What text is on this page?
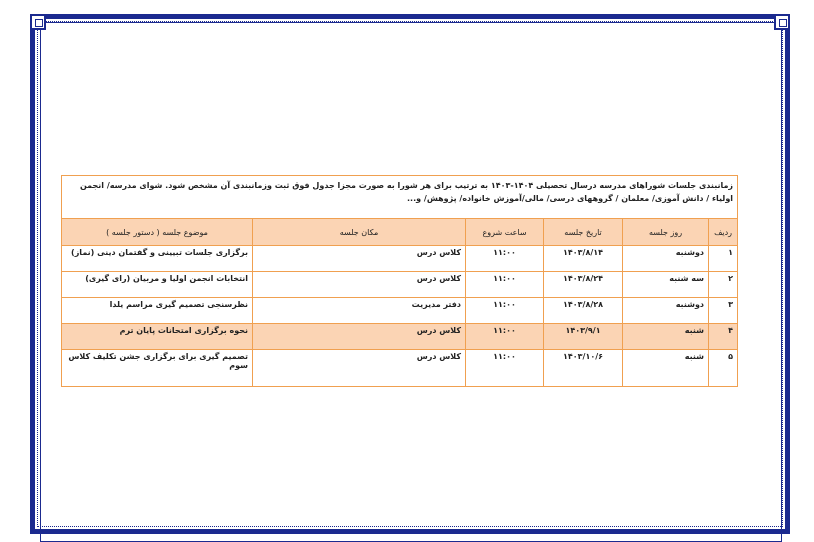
زمانبندی جلسات شوراهای مدرسه درسال تحصیلی ۱۴۰۴-۱۴۰۳ به ترتیب برای هر شورا به صورت مجزا جدول فوق ثبت وزمانبندی آن مشخص شود. شوای مدرسه/ انجمن اولیاء / دانش آموزی/ معلمان / گروههای درسی/ مالی/آموزش خانواده/ پژوهش/ و...					
ردیف	روز جلسه	تاریخ جلسه	ساعت شروع	مکان جلسه	موضوع جلسه ( دستور جلسه )
۱	دوشنبه	۱۴۰۳/۸/۱۴	۱۱:۰۰	کلاس درس	برگزاری جلسات تبیینی و گفتمان دینی (نماز)
۲	سه شنبه	۱۴۰۳/۸/۲۴	۱۱:۰۰	کلاس درس	انتخابات انجمن اولیا و مربیان (رای گیری)
۳	دوشنبه	۱۴۰۳/۸/۲۸	۱۱:۰۰	دفتر مدیریت	نظرسنجی تصمیم گیری مراسم یلدا
۴	شنبه	۱۴۰۳/۹/۱	۱۱:۰۰	کلاس درس	نحوه برگزاری امتحانات پایان ترم
۵	شنبه	۱۴۰۳/۱۰/۶	۱۱:۰۰	کلاس درس	تصمیم گیری برای برگزاری جشن تکلیف کلاس سوم
